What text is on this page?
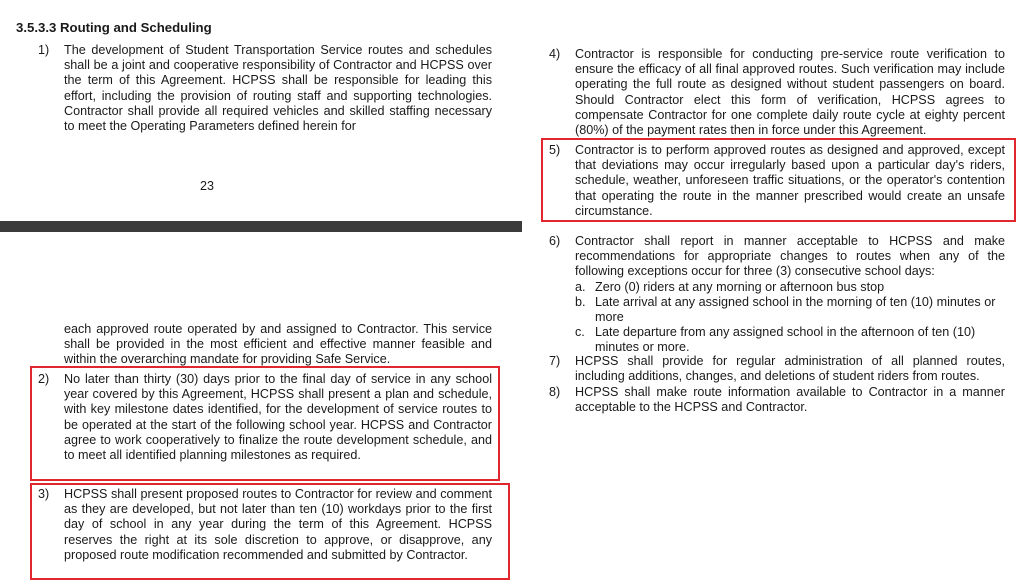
3.5.3.3 Routing and Scheduling
1)	The development of Student Transportation Service routes and schedules shall be a joint and cooperative responsibility of Contractor and HCPSS over the term of this Agreement. HCPSS shall be responsible for leading this effort, including the provision of routing staff and supporting technologies. Contractor shall provide all required vehicles and skilled staffing necessary to meet the Operating Parameters defined herein for
23
each approved route operated by and assigned to Contractor. This service shall be provided in the most efficient and effective manner feasible and within the overarching mandate for providing Safe Service.
2)	No later than thirty (30) days prior to the final day of service in any school year covered by this Agreement, HCPSS shall present a plan and schedule, with key milestone dates identified, for the development of service routes to be operated at the start of the following school year. HCPSS and Contractor agree to work cooperatively to finalize the route development schedule, and to meet all identified planning milestones as required.
3)	HCPSS shall present proposed routes to Contractor for review and comment as they are developed, but not later than ten (10) workdays prior to the first day of school in any year during the term of this Agreement. HCPSS reserves the right at its sole discretion to approve, or disapprove, any proposed route modification recommended and submitted by Contractor.
4)	Contractor is responsible for conducting pre-service route verification to ensure the efficacy of all final approved routes. Such verification may include operating the full route as designed without student passengers on board. Should Contractor elect this form of verification, HCPSS agrees to compensate Contractor for one complete daily route cycle at eighty percent (80%) of the payment rates then in force under this Agreement.
5)	Contractor is to perform approved routes as designed and approved, except that deviations may occur irregularly based upon a particular day's riders, schedule, weather, unforeseen traffic situations, or the operator's contention that operating the route in the manner prescribed would create an unsafe circumstance.
6)	Contractor shall report in manner acceptable to HCPSS and make recommendations for appropriate changes to routes when any of the following exceptions occur for three (3) consecutive school days:
a. Zero (0) riders at any morning or afternoon bus stop
b. Late arrival at any assigned school in the morning of ten (10) minutes or more
c. Late departure from any assigned school in the afternoon of ten (10) minutes or more.
7)	HCPSS shall provide for regular administration of all planned routes, including additions, changes, and deletions of student riders from routes.
8)	HCPSS shall make route information available to Contractor in a manner acceptable to the HCPSS and Contractor.
